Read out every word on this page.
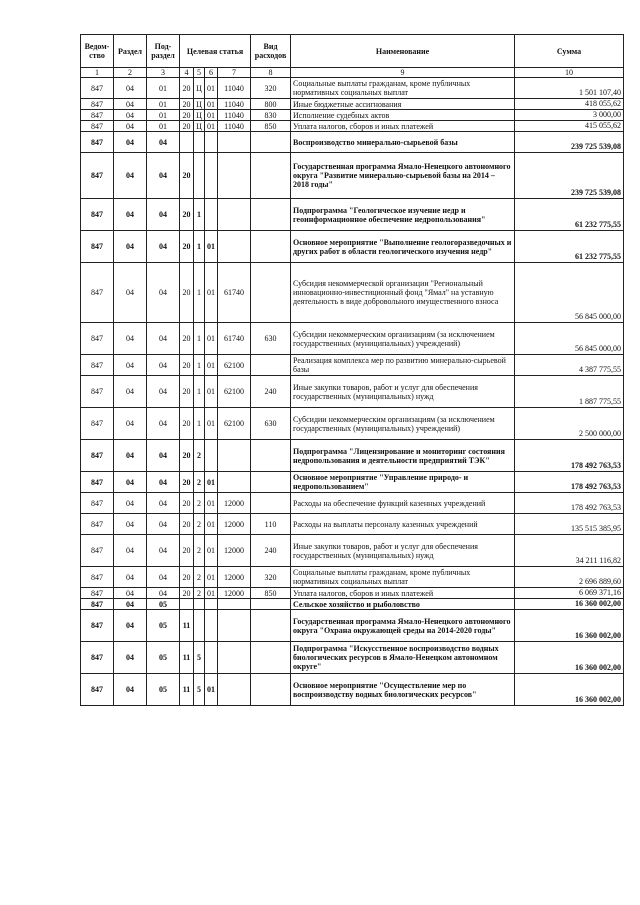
Ведом-ство	Раздел	Под-раздел	Целевая статья				Вид расходов	Наименование	Сумма
1	2	3	4	5	6	7	8	9	10
847	04	01	20	Ц	01	11040	320	Социальные выплаты гражданам, кроме публичных нормативных социальных выплат	1 501 107,40
847	04	01	20	Ц	01	11040	800	Иные бюджетные ассигнования	418 055,62
847	04	01	20	Ц	01	11040	830	Исполнение судебных актов	3 000,00
847	04	01	20	Ц	01	11040	850	Уплата налогов, сборов и иных платежей	415 055,62
847	04	04						Воспроизводство минерально-сырьевой базы	239 725 539,08
847	04	04	20					Государственная программа Ямало-Ненецкого автономного округа "Развитие минерально-сырьевой базы на 2014 – 2018 годы"	239 725 539,08
847	04	04	20	1				Подпрограмма "Геологическое изучение недр и геоинформационное обеспечение недропользования"	61 232 775,55
847	04	04	20	1	01			Основное мероприятие "Выполнение геологоразведочных и других работ в области геологического изучения недр"	61 232 775,55
847	04	04	20	1	01	61740		Субсидия некоммерческой организации "Региональный инновационно-инвестиционный фонд "Ямал" на уставную деятельность в виде добровольного имущественного взноса	56 845 000,00
847	04	04	20	1	01	61740	630	Субсидии некоммерческим организациям (за исключением государственных (муниципальных) учреждений)	56 845 000,00
847	04	04	20	1	01	62100		Реализация комплекса мер по развитию минерально-сырьевой базы	4 387 775,55
847	04	04	20	1	01	62100	240	Иные закупки товаров, работ и услуг для обеспечения государственных (муниципальных) нужд	1 887 775,55
847	04	04	20	1	01	62100	630	Субсидии некоммерческим организациям (за исключением государственных (муниципальных) учреждений)	2 500 000,00
847	04	04	20	2				Подпрограмма "Лицензирование и мониторинг состояния недропользования и деятельности предприятий ТЭК"	178 492 763,53
847	04	04	20	2	01			Основное мероприятие "Управление природо- и недропользованием"	178 492 763,53
847	04	04	20	2	01	12000		Расходы на обеспечение функций казенных учреждений	178 492 763,53
847	04	04	20	2	01	12000	110	Расходы на выплаты персоналу казенных учреждений	135 515 385,95
847	04	04	20	2	01	12000	240	Иные закупки товаров, работ и услуг для обеспечения государственных (муниципальных) нужд	34 211 116,82
847	04	04	20	2	01	12000	320	Социальные выплаты гражданам, кроме публичных нормативных социальных выплат	2 696 889,60
847	04	04	20	2	01	12000	850	Уплата налогов, сборов и иных платежей	6 069 371,16
847	04	05						Сельское хозяйство и рыболовство	16 360 002,00
847	04	05	11					Государственная программа Ямало-Ненецкого автономного округа "Охрана окружающей среды на 2014-2020 годы"	16 360 002,00
847	04	05	11	5				Подпрограмма "Искусственное воспроизводство водных биологических ресурсов в Ямало-Ненецком автономном округе"	16 360 002,00
847	04	05	11	5	01			Основное мероприятие "Осуществление мер по воспроизводству водных биологических ресурсов"	16 360 002,00
